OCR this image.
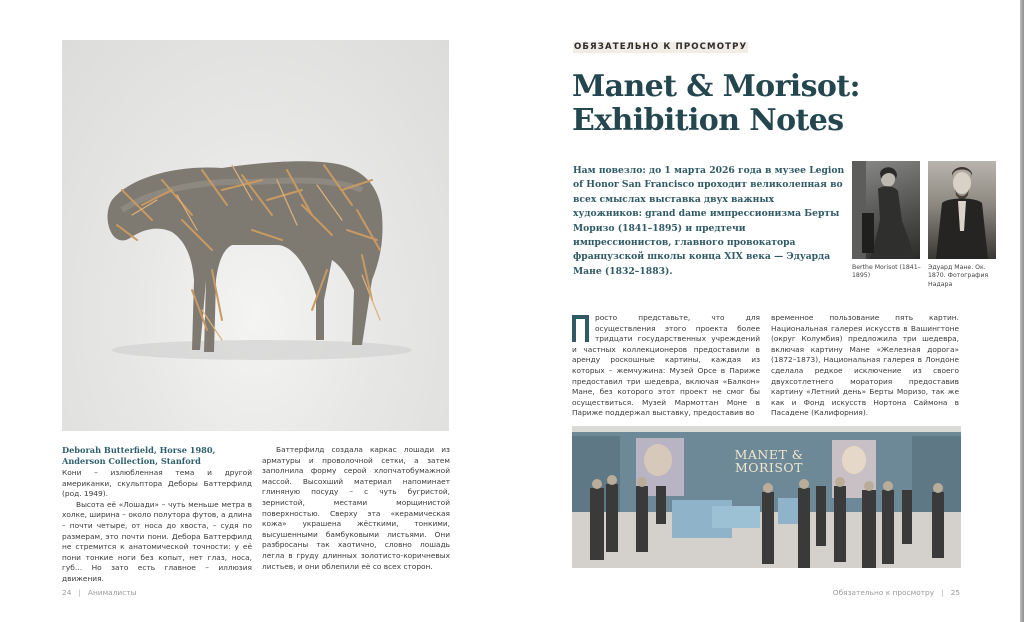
Deborah Butterfield, Horse 1980, Anderson Collection, Stanford

Кони – излюбленная тема и другой американки, скульптора Деборы Баттерфилд (род. 1949).

Высота её «Лошади» – чуть меньше метра в холке, ширина – около полутора футов, а длина – почти четыре, от носа до хвоста, – судя по размерам, это почти пони. Дебора Баттерфилд не стремится к анатомической точности: у её пони тонкие ноги без копыт, нет глаз, носа, губ… Но зато есть главное – иллюзия движения.

Баттерфилд создала каркас лошади из арматуры и проволочной сетки, а затем заполнила форму серой хлопчатобумажной массой. Высохший материал напоминает глиняную посуду – с чуть бугристой, зернистой, местами морщинистой поверхностью. Сверху эта «керамическая кожа» украшена жёсткими, тонкими, высушенными бамбуковыми листьями. Они разбросаны так хаотично, словно лошадь легла в груду длинных золотисто-коричневых листьев, и они облепили её со всех сторон.

24 | Анималисты
ОБЯЗАТЕЛЬНО К ПРОСМОТРУ
Manet & Morisot:
Exhibition Notes
Нам повезло: до 1 марта 2026 года в музее Legion of Honor San Francisco проходит великолепная во всех смыслах выставка двух важных художников: grand dame импрессионизма Берты Моризо (1841–1895) и предтечи импрессионистов, главного провокатора французской школы конца XIX века — Эдуарда Мане (1832–1883).	Berthe Morisot (1841–1895)
Эдуард Мане. Ок. 1870. Фотография Надара

росто представьте, что для осуществления этого проекта более тридцати государственных учреждений и частных коллекционеров предоставили в аренду роскошные картины, каждая из которых – жемчужина: Музей Орсе в Париже предоставил три шедевра, включая «Балкон» Мане, без которого этот проект не смог бы осуществиться. Музей Мармоттан Моне в Париже поддержал выставку, предоставив во

временное пользование пять картин. Национальная галерея искусств в Вашингтоне (округ Колумбия) предложила три шедевра, включая картину Мане «Железная дорога» (1872–1873), Национальная галерея в Лондоне сделала редкое исключение из своего двухсотлетнего моратория предоставив картину «Летний день» Берты Моризо, так же как и Фонд искусств Нортона Саймона в Пасадене (Калифорния).

MANET &
MORISOT
Обязательно к просмотру | 25
